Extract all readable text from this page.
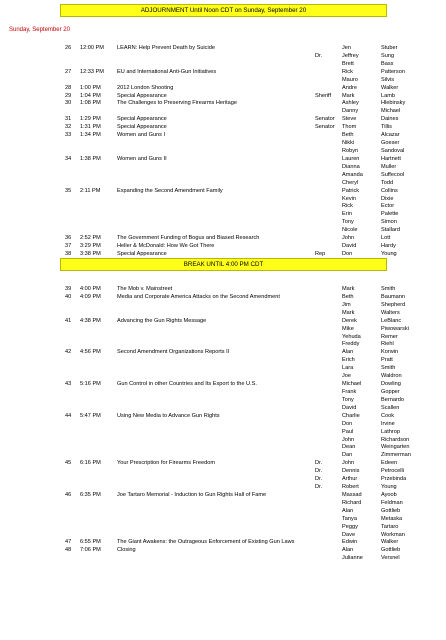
ADJOURNMENT Until Noon CDT on Sunday, September 20
Sunday, September 20
BREAK UNTIL 4:00 PM CDT
26 12:00 PM LEARN: Help Prevent Death by Suicide	Jen	Stuber
Dr.	Jeffrey	Sung
Brett	Bass
27 12:33 PM EU and International Anti-Gun Initiatives	Rick	Patterson
Mauro	Silvis
28 1:00 PM	2012 London Shooting	Andre	Walker
29 1:04 PM	Special Appearance	Sheriff Mark	Lamb
30 1:08 PM	The Challenges to Preserving Firearms Heritage	Ashley	Hlebinsky
Danny	Michael
31 1:29 PM	Special Appearance	Senator Steve	Daines
32 1:31 PM	Special Appearance	Senator Thom	Tillis
33 1:34 PM	Women and Guns I	Beth	Alcazar
Nikki	Goeser
Robyn	Sandoval
34 1:38 PM	Women and Guns II	Lauren	Hartnett
Dianna	Muller
Amanda	Suffecool
Cheryl	Todd
35 2:11 PM	Expanding the Second Amendment Family	Patrick	Collins
Kevin	Dixie
Rick	Ector
Erin	Palette
Tony	Simon
Nicole	Stallard
36 2:52 PM	The Government Funding of Bogus and Biased Research	John	Lott
37 3:29 PM	Heller & McDonald: How We Got There	David	Hardy
38 3:38 PM	Special Appearance	Rep	Don	Young
39 4:00 PM	The Mob v. Mainstreet	Mark	Smith
40 4:09 PM	Media and Corporate America Attacks on the Second Amendment	Beth	Baumann
Jim	Shepherd
Mark	Walters
41 4:38 PM	Advancing the Gun Rights Message	Derek	LeBlanc
Mike	Piwowarski
Yehuda	Remer
Freddy	Riehl
42 4:56 PM	Second Amendment Organizations Reports II	Alan	Korwin
Erich	Pratt
Lara	Smith
Joe	Waldron
43 5:16 PM	Gun Control in other Countries and Its Export to the U.S.	Michael	Dowling
Frank	Gopper
Tony	Bernardo
David	Scallen
44 5:47 PM	Using New Media to Advance Gun Rights	Charlie	Cook
Don	Irvine
Paul	Lathrop
John	Richardson
Dean	Weingarten
Dan	Zimmerman
45 6:16 PM	Your Prescription for Firearms Freedom	Dr.	John	Edeen
Dr.	Dennis	Petrocelli
Dr.	Arthur	Przebinda
Dr.	Robert	Young
46 6:35 PM	Joe Tartaro Memorial - Induction to Gun Rights Hall of Fame	Massad	Ayoob
Richard	Feldman
Alan	Gottlieb
Tanya	Metaska
Peggy	Tartaro
Dave	Workman
47 6:55 PM	The Giant Awakens: the Outrageous Enforcement of Existing Gun Laws	Edwin	Walker
48 7:06 PM	Closing	Alan	Gottlieb
Julianne	Versnel
